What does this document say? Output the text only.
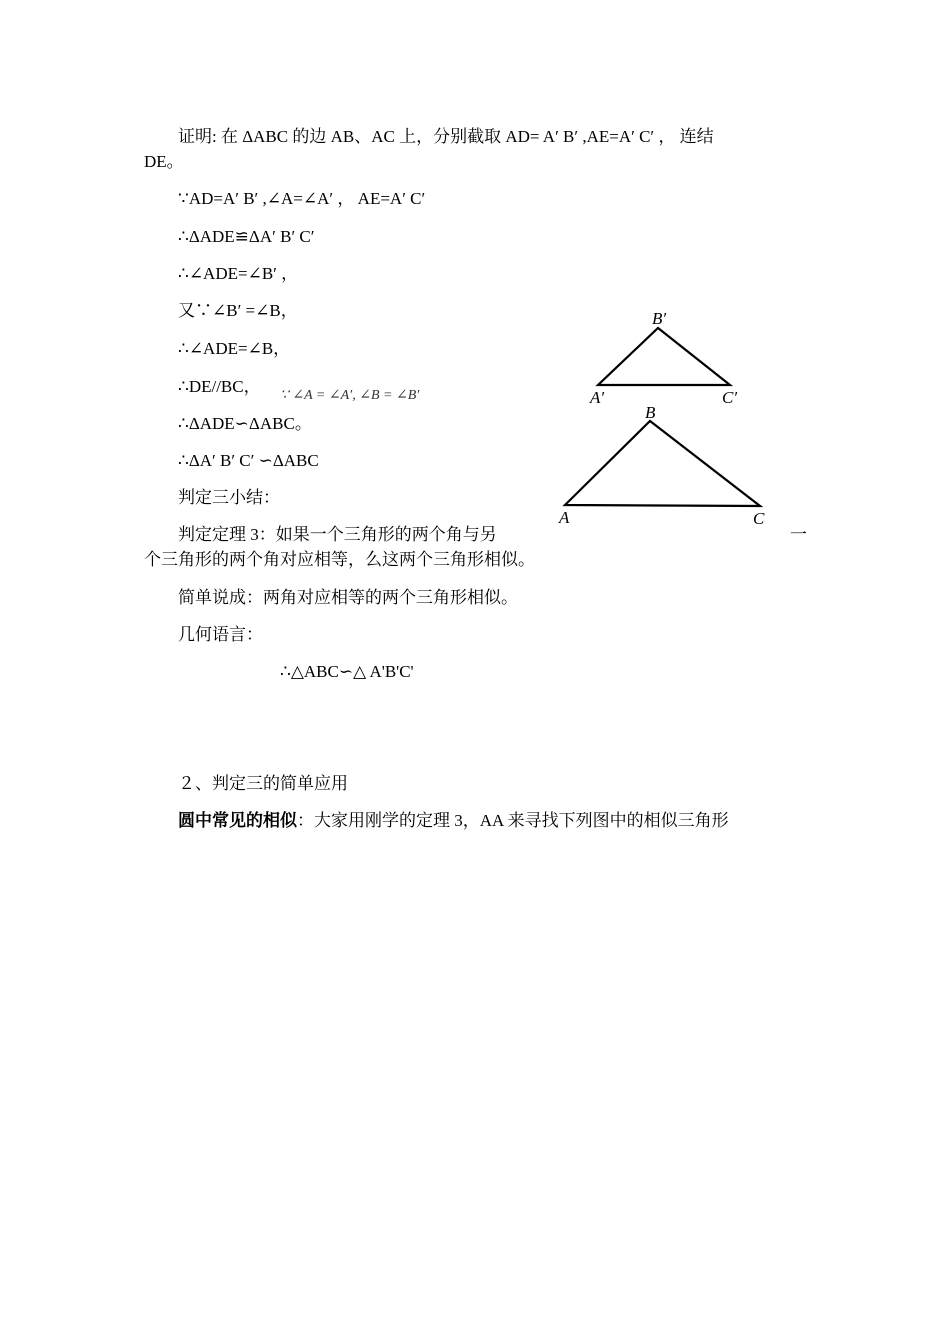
证明: 在 ΔABC 的边 AB、AC 上，分别截取 AD= A′ B′ ,AE=A′ C′ ， 连结
DE。
∵AD=A′ B′ ,∠A=∠A′ ， AE=A′ C′
∴ΔADE≌ΔA′ B′ C′
∴∠ADE=∠B′ ，
又∵∠B′ =∠B，
∴∠ADE=∠B，
∴DE//BC， ∵ ∠A = ∠A′, ∠B = ∠B′
∴ΔADE∽ΔABC。
∴ΔA′ B′ C′ ∽ΔABC
判定三小结：
判定定理 3：如果一个三角形的两个角与另	一
个三角形的两个角对应相等，么这两个三角形相似。
简单说成：两角对应相等的两个三角形相似。
几何语言：
∴△ABC∽△ A'B'C'
２、判定三的简单应用
圆中常见的相似：大家用刚学的定理 3，AA 来寻找下列图中的相似三角形
B′
A′	C′
B
A	C
